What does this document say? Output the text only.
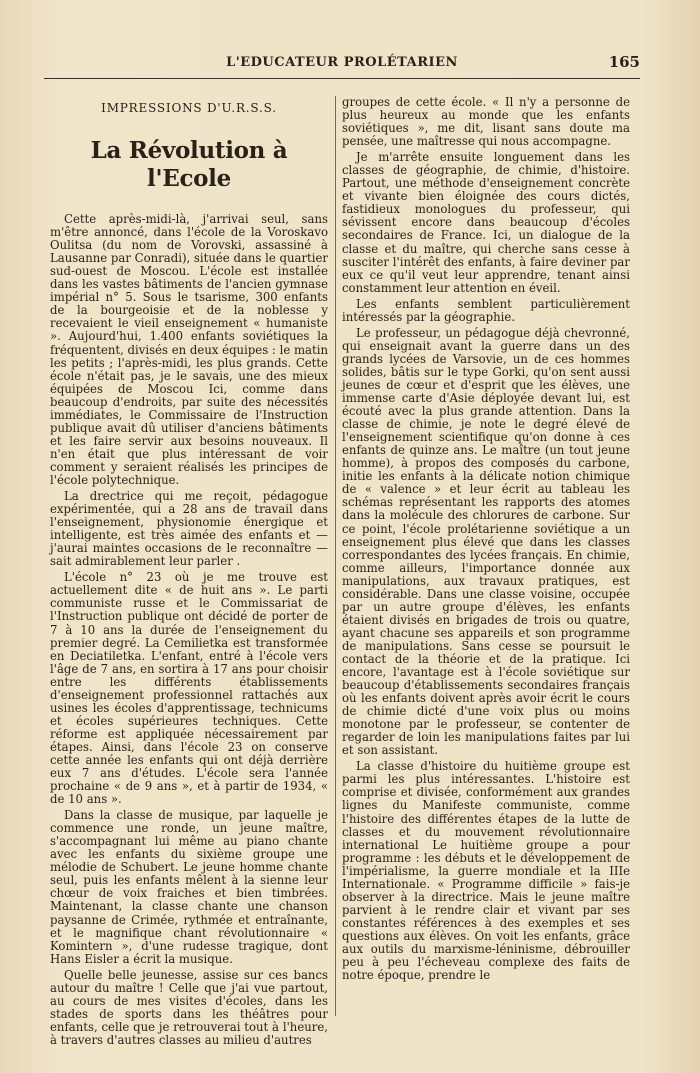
L'EDUCATEUR PROLÉTARIEN	165
IMPRESSIONS D'U.R.S.S.
La Révolution à l'Ecole

Cette après-midi-là, j'arrivai seul, sans m'être annoncé, dans l'école de la Voroskavo Oulitsa (du nom de Vorovski, assassiné à Lausanne par Conradi), située dans le quartier sud-ouest de Moscou. L'école est installée dans les vastes bâtiments de l'ancien gymnase impérial n° 5. Sous le tsarisme, 300 enfants de la bourgeoisie et de la noblesse y recevaient le vieil enseignement « humaniste ». Aujourd'hui, 1.400 enfants soviétiques la fréquentent, divisés en deux équipes : le matin les petits ; l'après-midi, les plus grands. Cette école n'était pas, je le savais, une des mieux équipées de Moscou Ici, comme dans beaucoup d'endroits, par suite des nécessités immédiates, le Commissaire de l'Instruction publique avait dû utiliser d'anciens bâtiments et les faire servir aux besoins nouveaux. Il n'en était que plus intéressant de voir comment y seraient réalisés les principes de l'école polytechnique.

La drectrice qui me reçoit, pédagogue expérimentée, qui a 28 ans de travail dans l'enseignement, physionomie énergique et intelligente, est très aimée des enfants et — j'aurai maintes occasions de le reconnaître — sait admirablement leur parler .

L'école n° 23 où je me trouve est actuellement dite « de huit ans ». Le parti communiste russe et le Commissariat de l'Instruction publique ont décidé de porter de 7 à 10 ans la durée de l'enseignement du premier degré. La Cemilietka est transformée en Deciatiletka. L'enfant, entré à l'école vers l'âge de 7 ans, en sortira à 17 ans pour choisir entre les différents établissements d'enseignement professionnel rattachés aux usines les écoles d'apprentissage, technicums et écoles supérieures techniques. Cette réforme est appliquée nécessairement par étapes. Ainsi, dans l'école 23 on conserve cette année les enfants qui ont déjà derrière eux 7 ans d'études. L'école sera l'année prochaine « de 9 ans », et à partir de 1934, « de 10 ans ».

Dans la classe de musique, par laquelle je commence une ronde, un jeune maître, s'accompagnant lui même au piano chante avec les enfants du sixième groupe une mélodie de Schubert. Le jeune homme chante seul, puis les enfants mêlent à la sienne leur chœur de voix fraiches et bien timbrées. Maintenant, la classe chante une chanson paysanne de Crimée, rythmée et entraînante, et le magnifique chant révolutionnaire « Komintern », d'une rudesse tragique, dont Hans Eisler a écrit la musique.

Quelle belle jeunesse, assise sur ces bancs autour du maître ! Celle que j'ai vue partout, au cours de mes visites d'écoles, dans les stades de sports dans les théâtres pour enfants, celle que je retrouverai tout à l'heure, à travers d'autres classes au milieu d'autres

groupes de cette école. « Il n'y a personne de plus heureux au monde que les enfants soviétiques », me dit, lisant sans doute ma pensée, une maîtresse qui nous accompagne.

Je m'arrête ensuite longuement dans les classes de géographie, de chimie, d'histoire. Partout, une méthode d'enseignement concrète et vivante bien éloignée des cours dictés, fastidieux monologues du professeur, qui sévissent encore dans beaucoup d'écoles secondaires de France. Ici, un dialogue de la classe et du maître, qui cherche sans cesse à susciter l'intérêt des enfants, à faire deviner par eux ce qu'il veut leur apprendre, tenant ainsi constamment leur attention en éveil.

Les enfants semblent particulièrement intéressés par la géographie.

Le professeur, un pédagogue déjà chevronné, qui enseignait avant la guerre dans un des grands lycées de Varsovie, un de ces hommes solides, bâtis sur le type Gorki, qu'on sent aussi jeunes de cœur et d'esprit que les élèves, une immense carte d'Asie déployée devant lui, est écouté avec la plus grande attention. Dans la classe de chimie, je note le degré élevé de l'enseignement scientifique qu'on donne à ces enfants de quinze ans. Le maître (un tout jeune homme), à propos des composés du carbone, initie les enfants à la délicate notion chimique de « valence » et leur écrit au tableau les schémas représentant les rapports des atomes dans la molécule des chlorures de carbone. Sur ce point, l'école prolétarienne soviétique a un enseignement plus élevé que dans les classes correspondantes des lycées français. En chimie, comme ailleurs, l'importance donnée aux manipulations, aux travaux pratiques, est considérable. Dans une classe voisine, occupée par un autre groupe d'élèves, les enfants étaient divisés en brigades de trois ou quatre, ayant chacune ses appareils et son programme de manipulations. Sans cesse se poursuit le contact de la théorie et de la pratique. Ici encore, l'avantage est à l'école soviétique sur beaucoup d'établissements secondaires français où les enfants doivent après avoir écrit le cours de chimie dicté d'une voix plus ou moins monotone par le professeur, se contenter de regarder de loin les manipulations faites par lui et son assistant.

La classe d'histoire du huitième groupe est parmi les plus intéressantes. L'histoire est comprise et divisée, conformément aux grandes lignes du Manifeste communiste, comme l'histoire des différentes étapes de la lutte de classes et du mouvement révolutionnaire international Le huitième groupe a pour programme : les débuts et le développement de l'impérialisme, la guerre mondiale et la IIIe Internationale. « Programme difficile » fais-je observer à la directrice. Mais le jeune maître parvient à le rendre clair et vivant par ses constantes références à des exemples et ses questions aux élèves. On voit les enfants, grâce aux outils du marxisme-léninisme, débrouiller peu à peu l'écheveau complexe des faits de notre époque, prendre le
